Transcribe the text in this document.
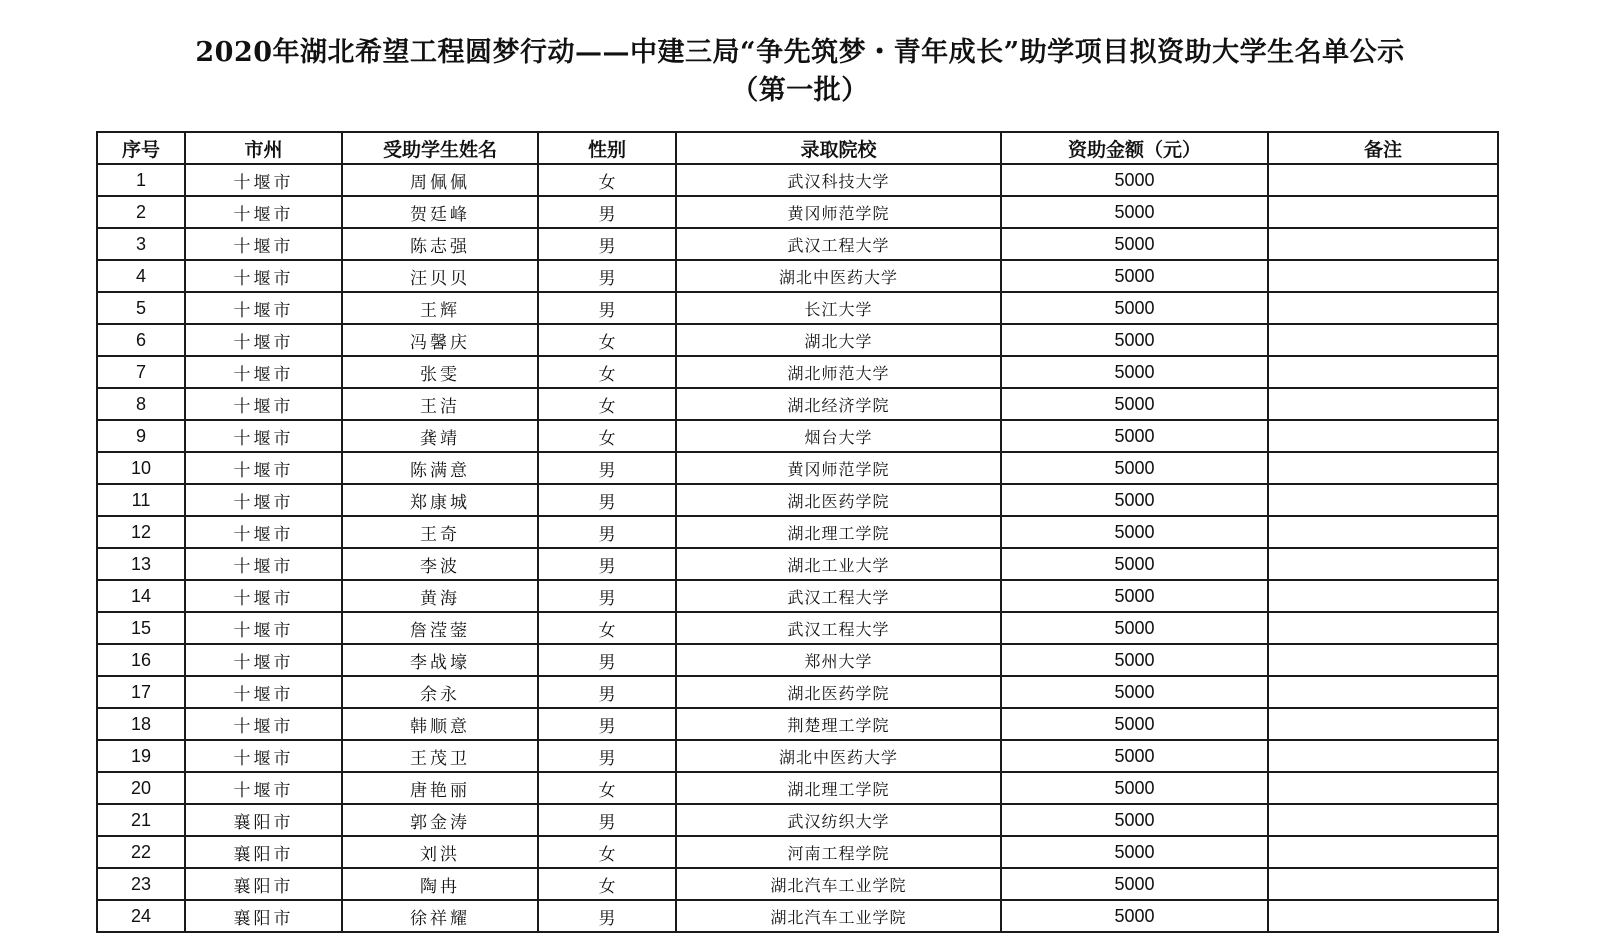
2020年湖北希望工程圆梦行动——中建三局“争先筑梦・青年成长”助学项目拟资助大学生名单公示
（第一批）
序号	市州	受助学生姓名	性别	录取院校	资助金额（元）	备注
1	十堰市	周佩佩	女	武汉科技大学	5000	
2	十堰市	贺廷峰	男	黄冈师范学院	5000	
3	十堰市	陈志强	男	武汉工程大学	5000	
4	十堰市	汪贝贝	男	湖北中医药大学	5000	
5	十堰市	王辉	男	长江大学	5000	
6	十堰市	冯馨庆	女	湖北大学	5000	
7	十堰市	张雯	女	湖北师范大学	5000	
8	十堰市	王洁	女	湖北经济学院	5000	
9	十堰市	龚靖	女	烟台大学	5000	
10	十堰市	陈满意	男	黄冈师范学院	5000	
11	十堰市	郑康城	男	湖北医药学院	5000	
12	十堰市	王奇	男	湖北理工学院	5000	
13	十堰市	李波	男	湖北工业大学	5000	
14	十堰市	黄海	男	武汉工程大学	5000	
15	十堰市	詹滢蓥	女	武汉工程大学	5000	
16	十堰市	李战壕	男	郑州大学	5000	
17	十堰市	余永	男	湖北医药学院	5000	
18	十堰市	韩顺意	男	荆楚理工学院	5000	
19	十堰市	王茂卫	男	湖北中医药大学	5000	
20	十堰市	唐艳丽	女	湖北理工学院	5000	
21	襄阳市	郭金涛	男	武汉纺织大学	5000	
22	襄阳市	刘洪	女	河南工程学院	5000	
23	襄阳市	陶冉	女	湖北汽车工业学院	5000	
24	襄阳市	徐祥耀	男	湖北汽车工业学院	5000	
